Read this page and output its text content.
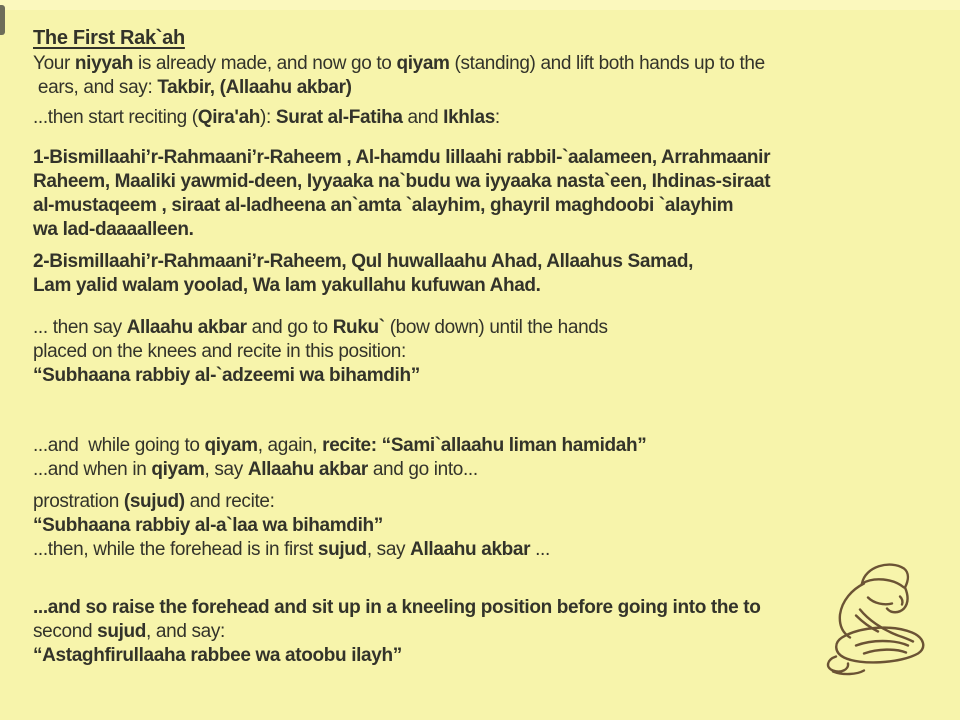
The First Rak`ah
Your niyyah is already made, and now go to qiyam (standing) and lift both hands up to the
ears, and say: Takbir, (Allaahu akbar)
...then start reciting (Qira'ah): Surat al-Fatiha and Ikhlas:
1-Bismillaahi’r-Rahmaani’r-Raheem , Al-hamdu lillaahi rabbil-`aalameen, Arrahmaanir
Raheem, Maaliki yawmid-deen, Iyyaaka na`budu wa iyyaaka nasta`een, Ihdinas-siraat
al-mustaqeem , siraat al-ladheena an`amta `alayhim, ghayril maghdoobi `alayhim
wa lad-daaaalleen.
2-Bismillaahi’r-Rahmaani’r-Raheem, Qul huwallaahu Ahad, Allaahus Samad,
Lam yalid walam yoolad, Wa lam yakullahu kufuwan Ahad.
... then say Allaahu akbar and go to Ruku` (bow down) until the hands
placed on the knees and recite in this position:
“Subhaana rabbiy al-`adzeemi wa bihamdih”
...and  while going to qiyam, again, recite: “Sami`allaahu liman hamidah”
...and when in qiyam, say Allaahu akbar and go into...
prostration (sujud) and recite:
“Subhaana rabbiy al-a`laa wa bihamdih”
...then, while the forehead is in first sujud, say Allaahu akbar ...
...and so raise the forehead and sit up in a kneeling position before going into the to
second sujud, and say:
“Astaghfirullaaha rabbee wa atoobu ilayh”
